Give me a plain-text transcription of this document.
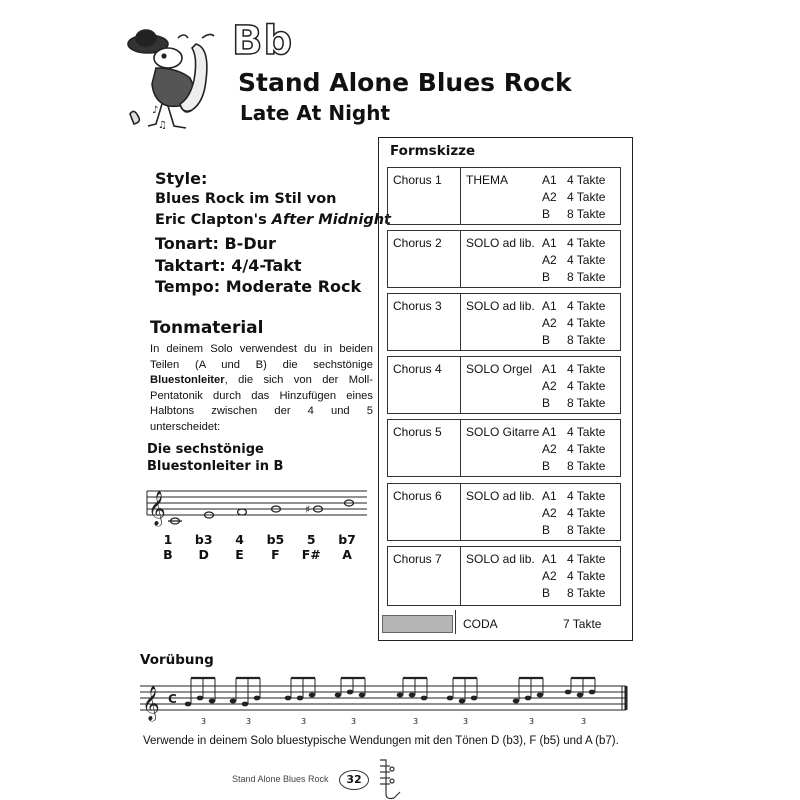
♪
♫
Bb
Stand Alone Blues Rock
Late At Night
Style:
Blues Rock im Stil von
Eric Clapton's After Midnight
Tonart: B-Dur
Taktart: 4/4-Takt
Tempo: Moderate Rock
Tonmaterial
In deinem Solo verwendest du in beiden Teilen (A und B) die sechstönige Bluestonleiter, die sich von der Moll-Pentatonik durch das Hinzufügen eines Halbtons zwischen der 4 und 5 unterscheidet:
Die sechstönige
Bluestonleiter in B
𝄞	♯
1	b3	4	b5	5	b7
B	D	E	F	F#	A
Formskizze
Chorus 1 THEMA	A1 4 Takte
A2 4 Takte
B 8 Takte
Chorus 2 SOLO ad lib. A1 4 Takte
A2 4 Takte
B 8 Takte
Chorus 3 SOLO ad lib. A1 4 Takte
A2 4 Takte
B 8 Takte
Chorus 4 SOLO Orgel A1 4 Takte
A2 4 Takte
B 8 Takte
Chorus 5 SOLO Gitarre A1 4 Takte
A2 4 Takte
B 8 Takte
Chorus 6 SOLO ad lib. A1 4 Takte
A2 4 Takte
B 8 Takte
Chorus 7 SOLO ad lib. A1 4 Takte
A2 4 Takte
B 8 Takte
CODA	7 Takte
Vorübung
𝄞 C
3	3	3	3	3	3	3	3
Verwende in deinem Solo bluestypische Wendungen mit den Tönen D (b3), F (b5) und A (b7).
Stand Alone Blues Rock	32
